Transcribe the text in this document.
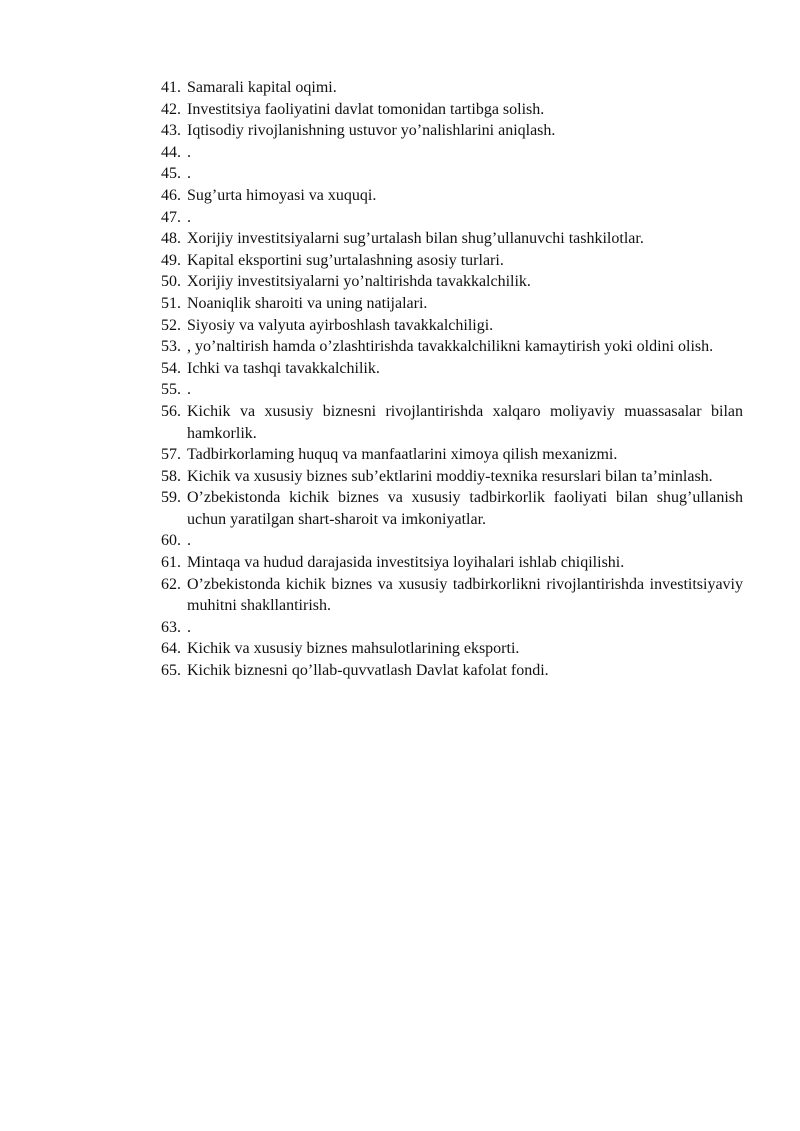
41. Samarali kapital oqimi.
42. Investitsiya faoliyatini davlat tomonidan tartibga solish.
43. Iqtisodiy rivojlanishning ustuvor yo’nalishlarini aniqlash.
44. .
45. .
46. Sug’urta himoyasi va xuquqi.
47. .
48. Xorijiy investitsiyalarni sug’urtalash bilan shug’ullanuvchi tashkilotlar.
49. Kapital eksportini sug’urtalashning asosiy turlari.
50. Xorijiy investitsiyalarni yo’naltirishda tavakkalchilik.
51. Noaniqlik sharoiti va uning natijalari.
52. Siyosiy va valyuta ayirboshlash tavakkalchiligi.
53. , yo’naltirish hamda o’zlashtirishda tavakkalchilikni kamaytirish yoki oldini olish.
54. Ichki va tashqi tavakkalchilik.
55. .
56. Kichik va xususiy biznesni rivojlantirishda xalqaro moliyaviy muassasalar bilan hamkorlik.
57. Tadbirkorlaming huquq va manfaatlarini ximoya qilish mexanizmi.
58. Kichik va xususiy biznes sub’ektlarini moddiy-texnika resurslari bilan ta’minlash.
59. O’zbekistonda kichik biznes va xususiy tadbirkorlik faoliyati bilan shug’ullanish uchun yaratilgan shart-sharoit va imkoniyatlar.
60. .
61. Mintaqa va hudud darajasida investitsiya loyihalari ishlab chiqilishi.
62. O’zbekistonda kichik biznes va xususiy tadbirkorlikni rivojlantirishda investitsiyaviy muhitni shakllantirish.
63. .
64. Kichik va xususiy biznes mahsulotlarining eksporti.
65. Kichik biznesni qo’llab-quvvatlash Davlat kafolat fondi.
